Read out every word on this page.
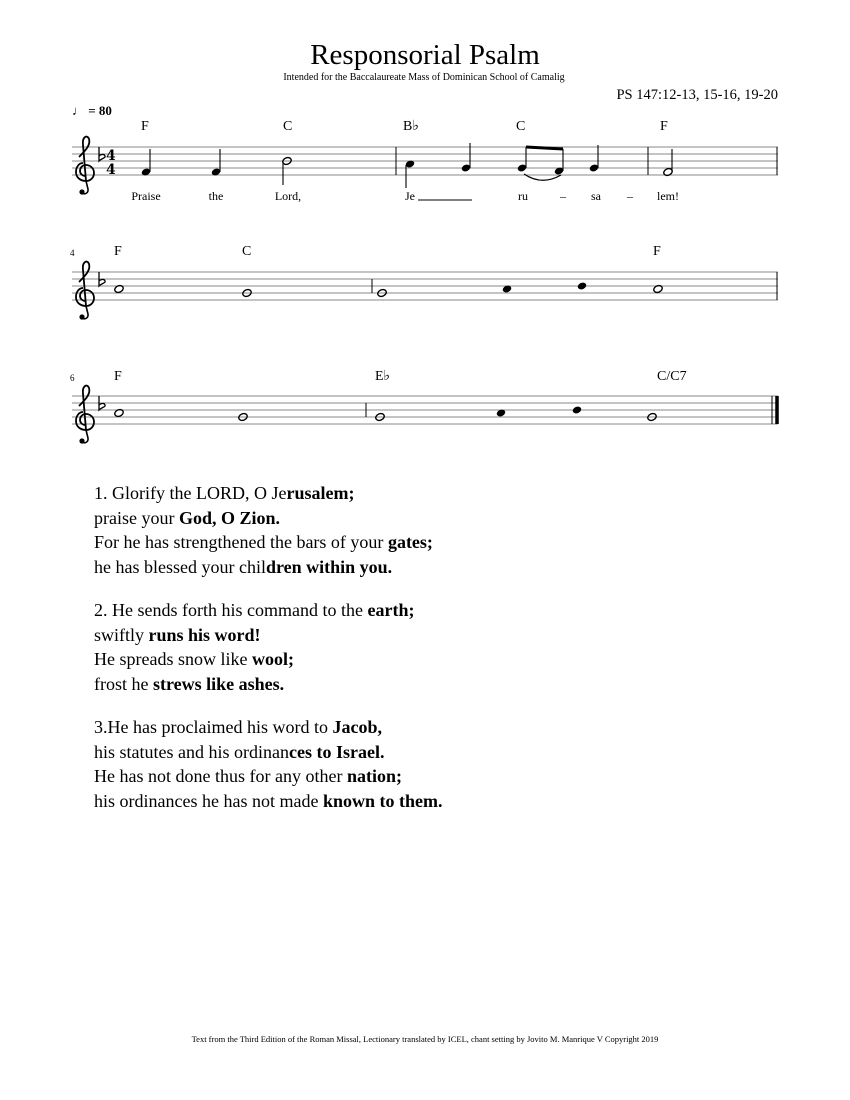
Responsorial Psalm
Intended for the Baccalaureate Mass of Dominican School of Camalig
PS 147:12-13, 15-16, 19-20
♩ = 80
F	C	B♭	C	F
F	C	F
4
F	E♭	C/C7
6
Praise	the	Lord,	Je	ru	– sa – lem!
4
4
1. Glorify the LORD, O Jerusalem;
praise your God, O Zion.
For he has strengthened the bars of your gates;
he has blessed your children within you.
2. He sends forth his command to the earth;
swiftly runs his word!
He spreads snow like wool;
frost he strews like ashes.
3.He has proclaimed his word to Jacob,
his statutes and his ordinances to Israel.
He has not done thus for any other nation;
his ordinances he has not made known to them.
Text from the Third Edition of the Roman Missal, Lectionary translated by ICEL, chant setting by Jovito M. Manrique V Copyright 2019
